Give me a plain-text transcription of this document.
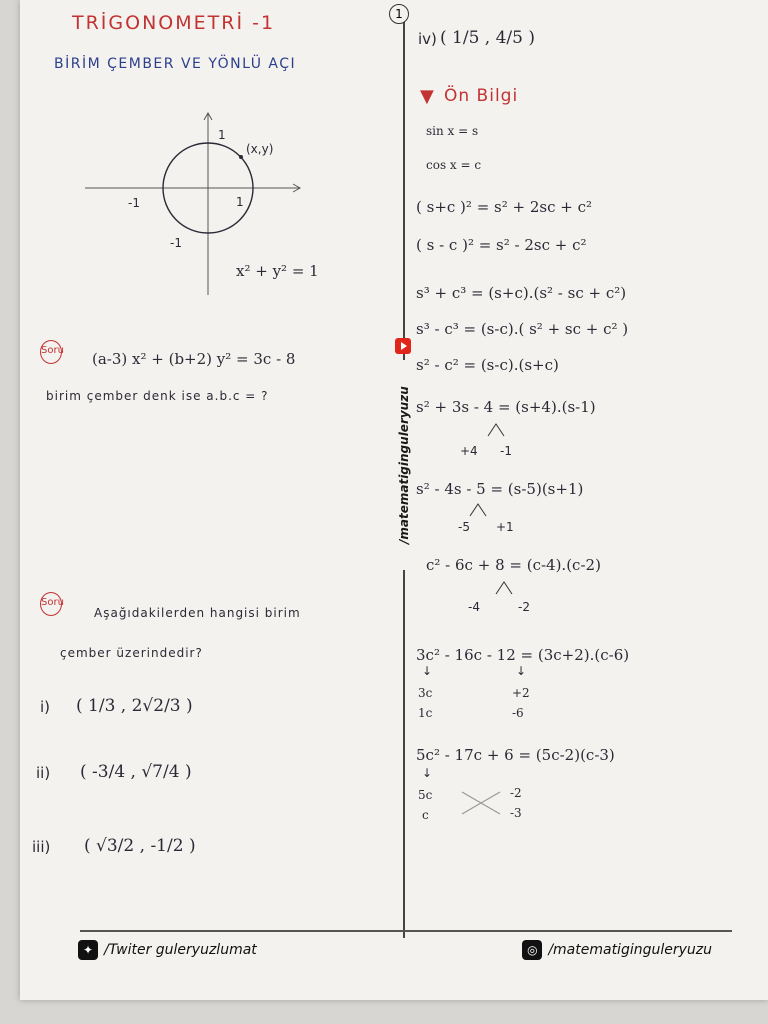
TRİGONOMETRİ -1
BİRİM ÇEMBER VE YÖNLÜ AÇI
1
1
-1
-1
(x,y)
x² + y² = 1
Soru (a-3) x² + (b+2) y² = 3c - 8
birim çember denk ise a.b.c = ?
Soru
Aşağıdakilerden hangisi birim
çember üzerindedir?
i) ( 1/3 , 2√2/3 )
ii) ( -3/4 , √7/4 )
iii) ( √3/2 , -1/2 )
1
/matematiginguleryuzu
iv) ( 1/5 , 4/5 )
▼ Ön Bilgi
sin x = s
cos x = c
( s+c )² = s² + 2sc + c²
( s - c )² = s² - 2sc + c²
s³ + c³ = (s+c).(s² - sc + c²)
s³ - c³ = (s-c).( s² + sc + c² )
s² - c² = (s-c).(s+c)
s² + 3s - 4 = (s+4).(s-1)
+4 -1
s² - 4s - 5 = (s-5)(s+1)
-5 +1
c² - 6c + 8 = (c-4).(c-2)
-4	-2
3c² - 16c - 12 = (3c+2).(c-6)
↓	↓
3c
1c
+2
-6
5c² - 17c + 6 = (5c-2)(c-3)
↓
5c
c
-2
-3
✦ /Twiter guleryuzlumat	◎ /matematiginguleryuzu
